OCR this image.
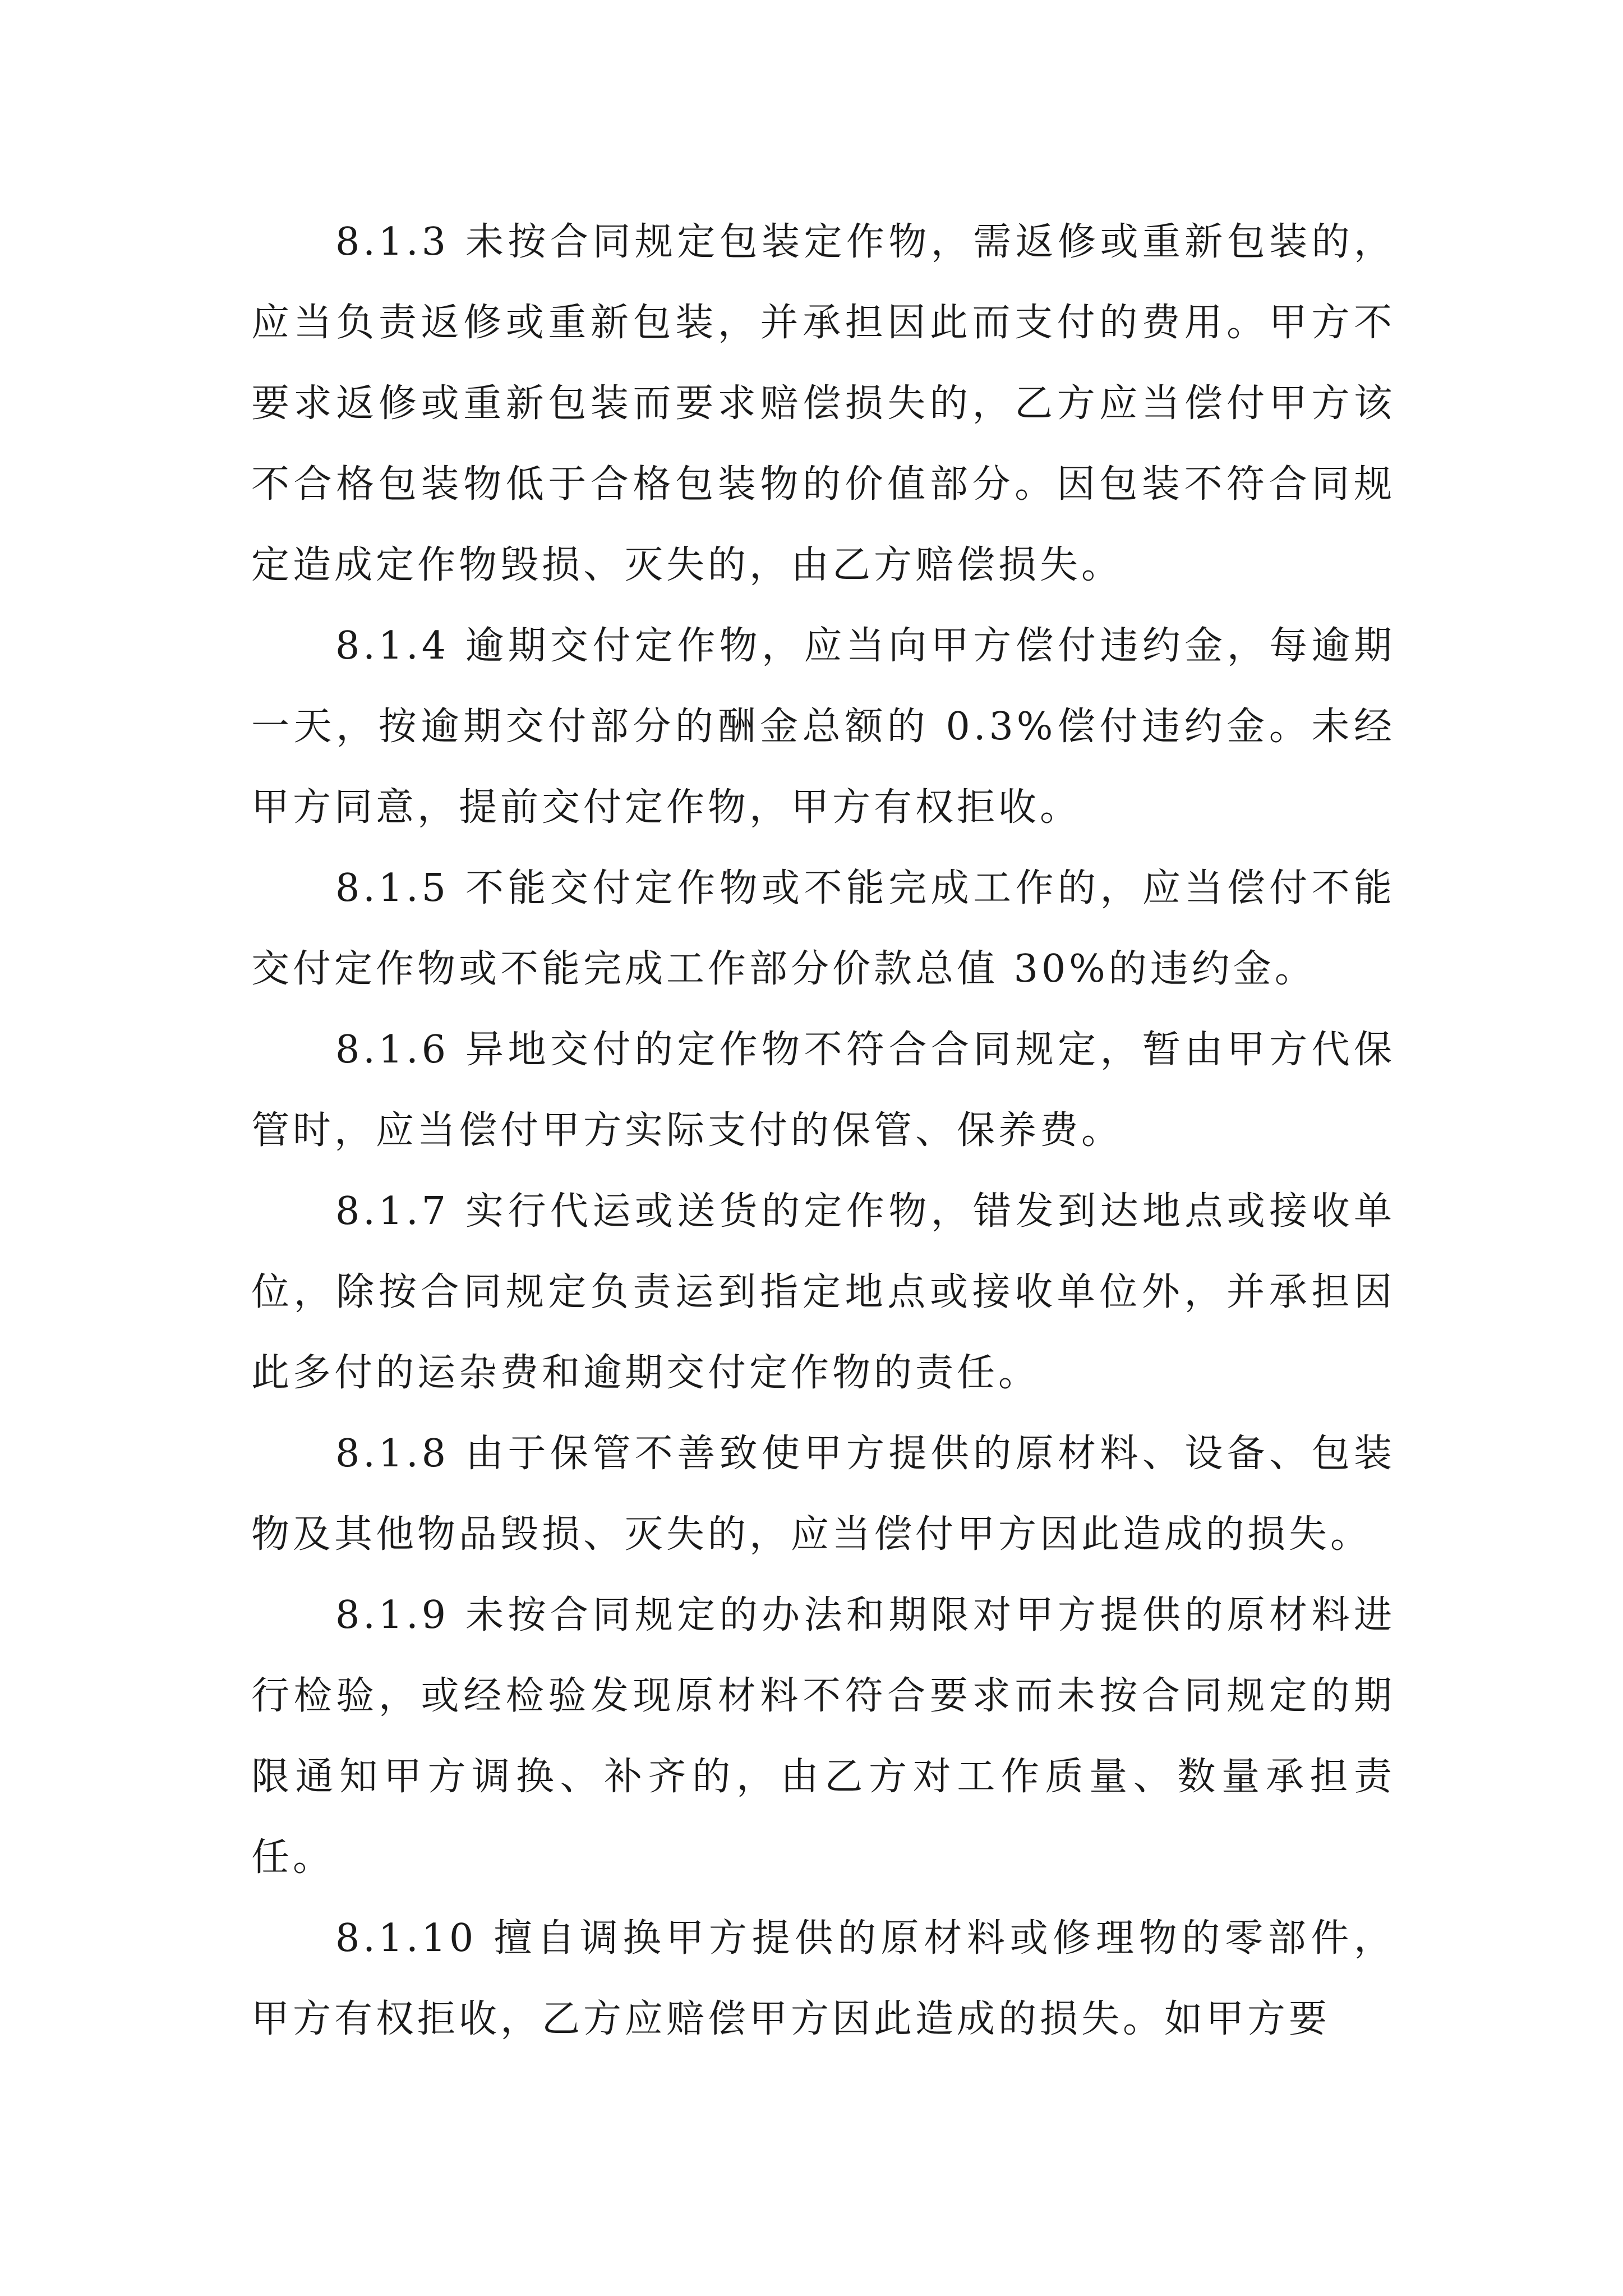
8.1.3 未按合同规定包装定作物，需返修或重新包装的，应当负责返修或重新包装，并承担因此而支付的费用。甲方不要求返修或重新包装而要求赔偿损失的，乙方应当偿付甲方该不合格包装物低于合格包装物的价值部分。因包装不符合同规定造成定作物毁损、灭失的，由乙方赔偿损失。

8.1.4 逾期交付定作物，应当向甲方偿付违约金，每逾期一天，按逾期交付部分的酬金总额的 0.3%偿付违约金。未经甲方同意，提前交付定作物，甲方有权拒收。

8.1.5 不能交付定作物或不能完成工作的，应当偿付不能交付定作物或不能完成工作部分价款总值 30%的违约金。

8.1.6 异地交付的定作物不符合合同规定，暂由甲方代保管时，应当偿付甲方实际支付的保管、保养费。

8.1.7 实行代运或送货的定作物，错发到达地点或接收单位，除按合同规定负责运到指定地点或接收单位外，并承担因此多付的运杂费和逾期交付定作物的责任。

8.1.8 由于保管不善致使甲方提供的原材料、设备、包装物及其他物品毁损、灭失的，应当偿付甲方因此造成的损失。

8.1.9 未按合同规定的办法和期限对甲方提供的原材料进行检验，或经检验发现原材料不符合要求而未按合同规定的期限通知甲方调换、补齐的，由乙方对工作质量、数量承担责任。

8.1.10 擅自调换甲方提供的原材料或修理物的零部件，甲方有权拒收，乙方应赔偿甲方因此造成的损失。如甲方要
